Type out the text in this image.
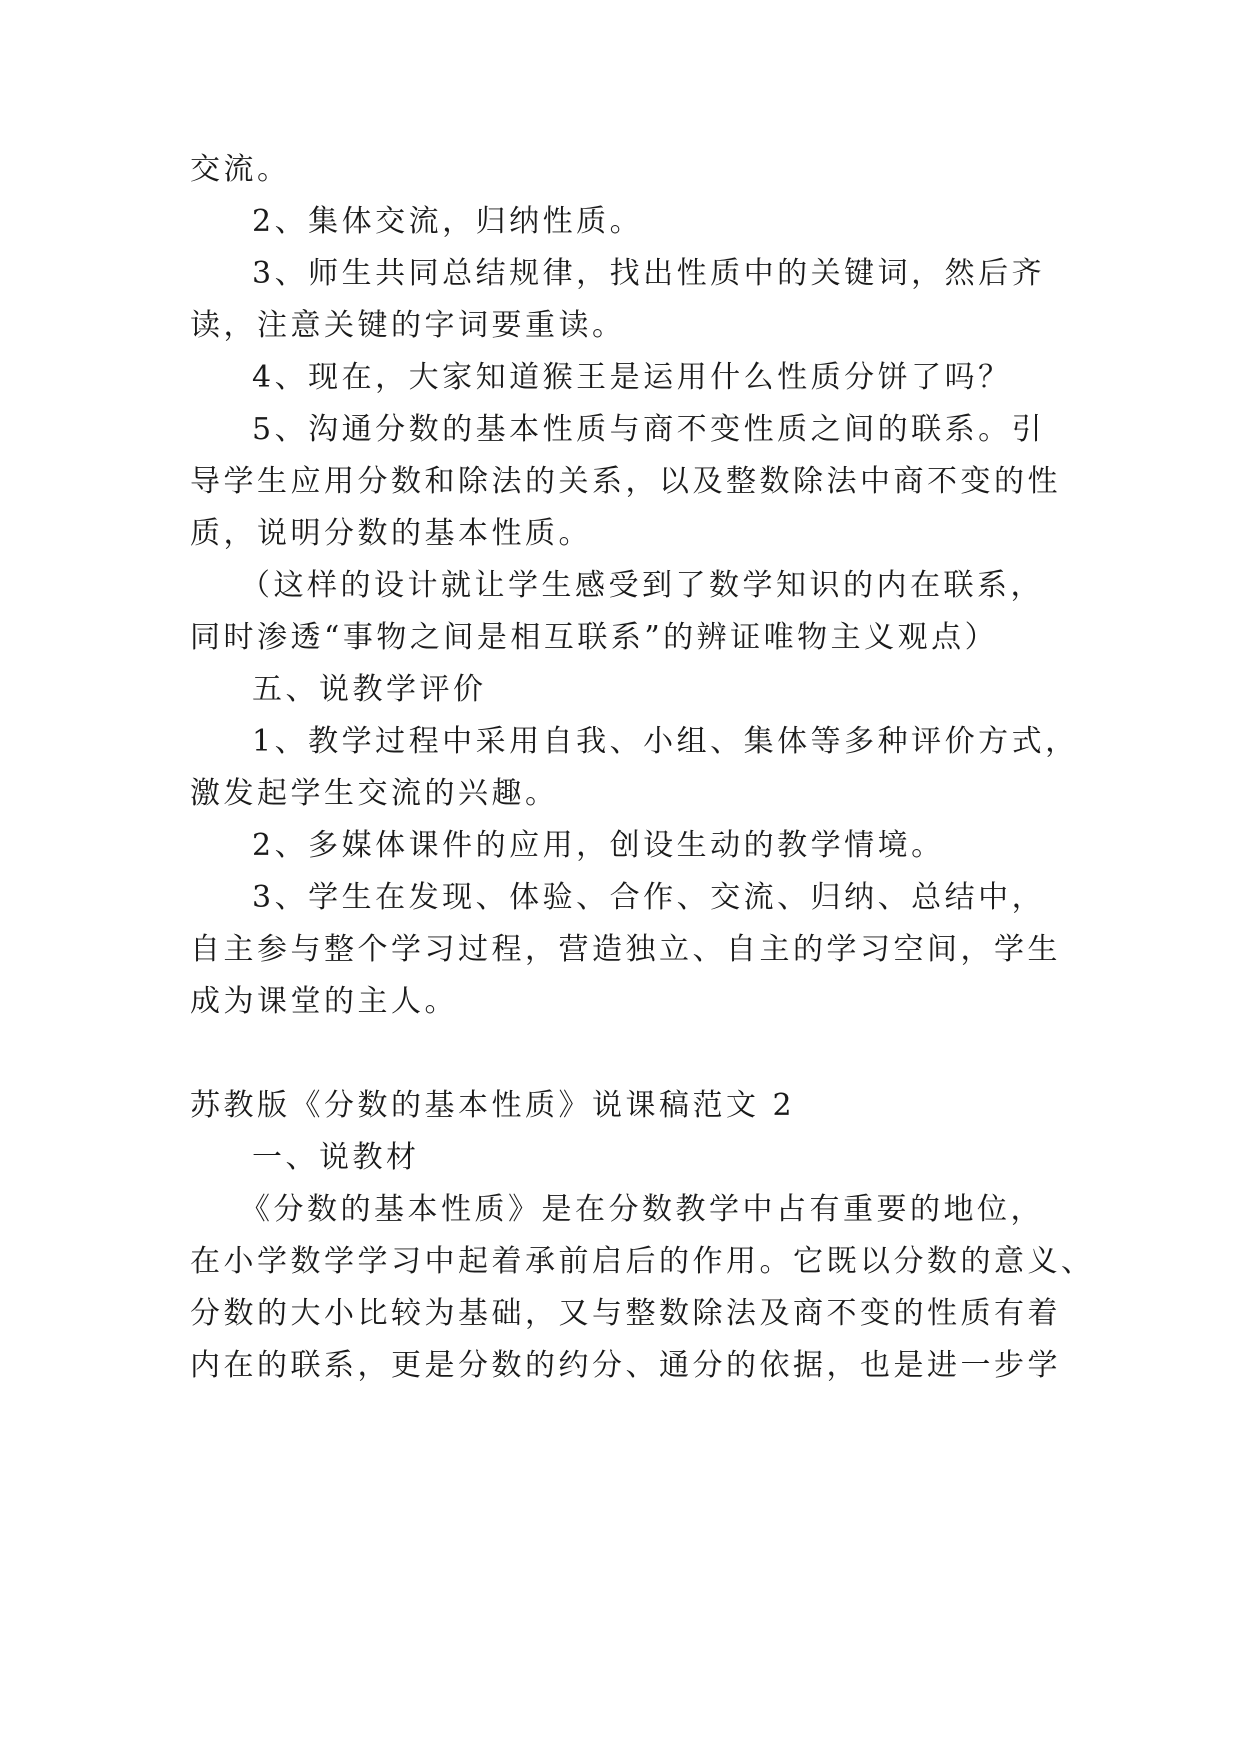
交流。
2、集体交流，归纳性质。
3、师生共同总结规律，找出性质中的关键词，然后齐
读，注意关键的字词要重读。
4、现在，大家知道猴王是运用什么性质分饼了吗？
5、沟通分数的基本性质与商不变性质之间的联系。引
导学生应用分数和除法的关系，以及整数除法中商不变的性
质，说明分数的基本性质。
（这样的设计就让学生感受到了数学知识的内在联系，
同时渗透“事物之间是相互联系”的辨证唯物主义观点）
五、说教学评价
1、教学过程中采用自我、小组、集体等多种评价方式，
激发起学生交流的兴趣。
2、多媒体课件的应用，创设生动的教学情境。
3、学生在发现、体验、合作、交流、归纳、总结中，
自主参与整个学习过程，营造独立、自主的学习空间，学生
成为课堂的主人。
苏教版《分数的基本性质》说课稿范文 2
一、说教材
《分数的基本性质》是在分数教学中占有重要的地位，
在小学数学学习中起着承前启后的作用。它既以分数的意义、
分数的大小比较为基础，又与整数除法及商不变的性质有着
内在的联系，更是分数的约分、通分的依据，也是进一步学
